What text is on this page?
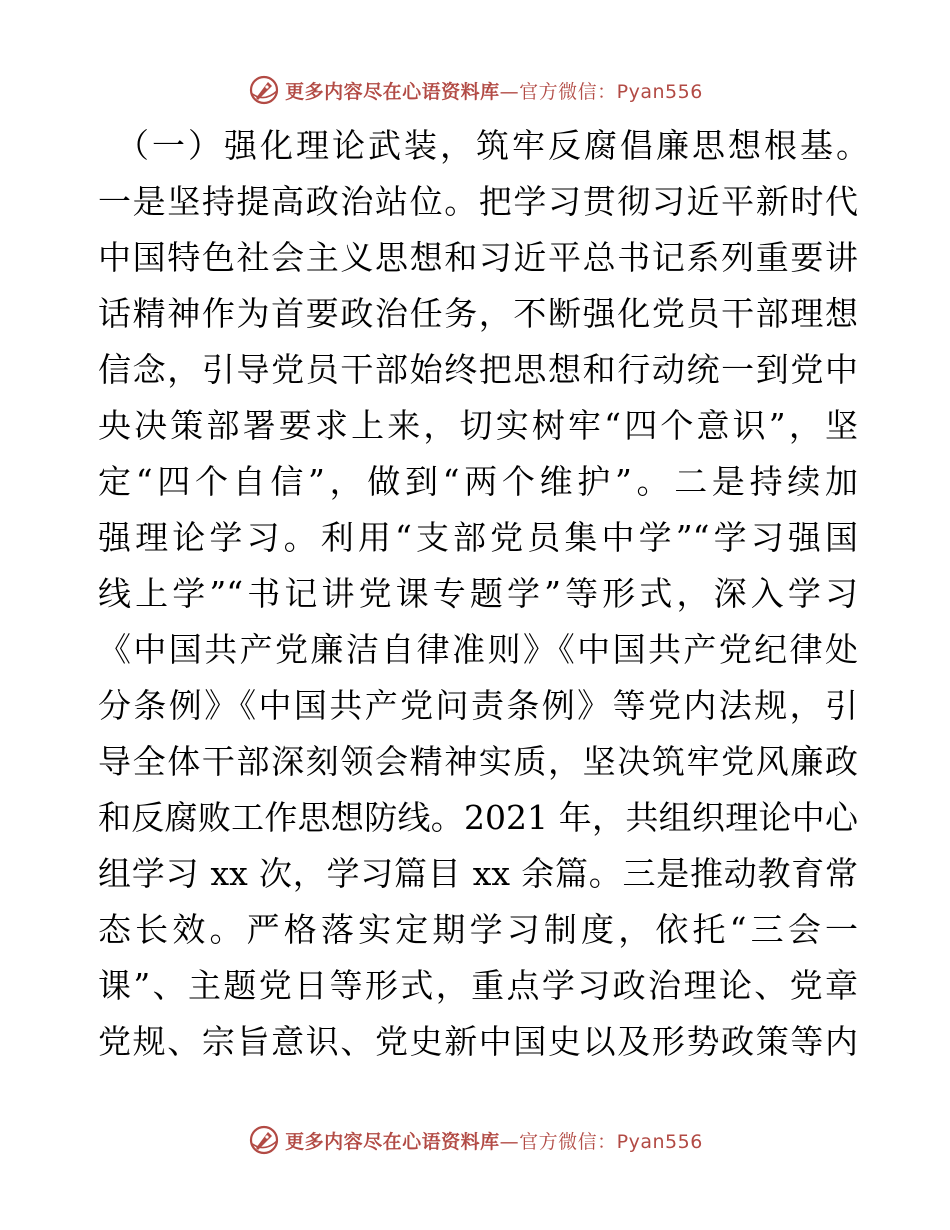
更多内容尽在心语资料库—官方微信：Pyan556
（一）强化理论武装，筑牢反腐倡廉思想根基。
一是坚持提高政治站位。把学习贯彻习近平新时代
中国特色社会主义思想和习近平总书记系列重要讲
话精神作为首要政治任务，不断强化党员干部理想
信念，引导党员干部始终把思想和行动统一到党中
央决策部署要求上来，切实树牢“四个意识”，坚
定“四个自信”，做到“两个维护”。二是持续加
强理论学习。利用“支部党员集中学”“学习强国
线上学”“书记讲党课专题学”等形式，深入学习
《中国共产党廉洁自律准则》《中国共产党纪律处
分条例》《中国共产党问责条例》等党内法规，引
导全体干部深刻领会精神实质，坚决筑牢党风廉政
和反腐败工作思想防线。2021 年，共组织理论中心
组学习 xx 次，学习篇目 xx 余篇。三是推动教育常
态长效。严格落实定期学习制度，依托“三会一
课”、主题党日等形式，重点学习政治理论、党章
党规、宗旨意识、党史新中国史以及形势政策等内
更多内容尽在心语资料库—官方微信：Pyan556
